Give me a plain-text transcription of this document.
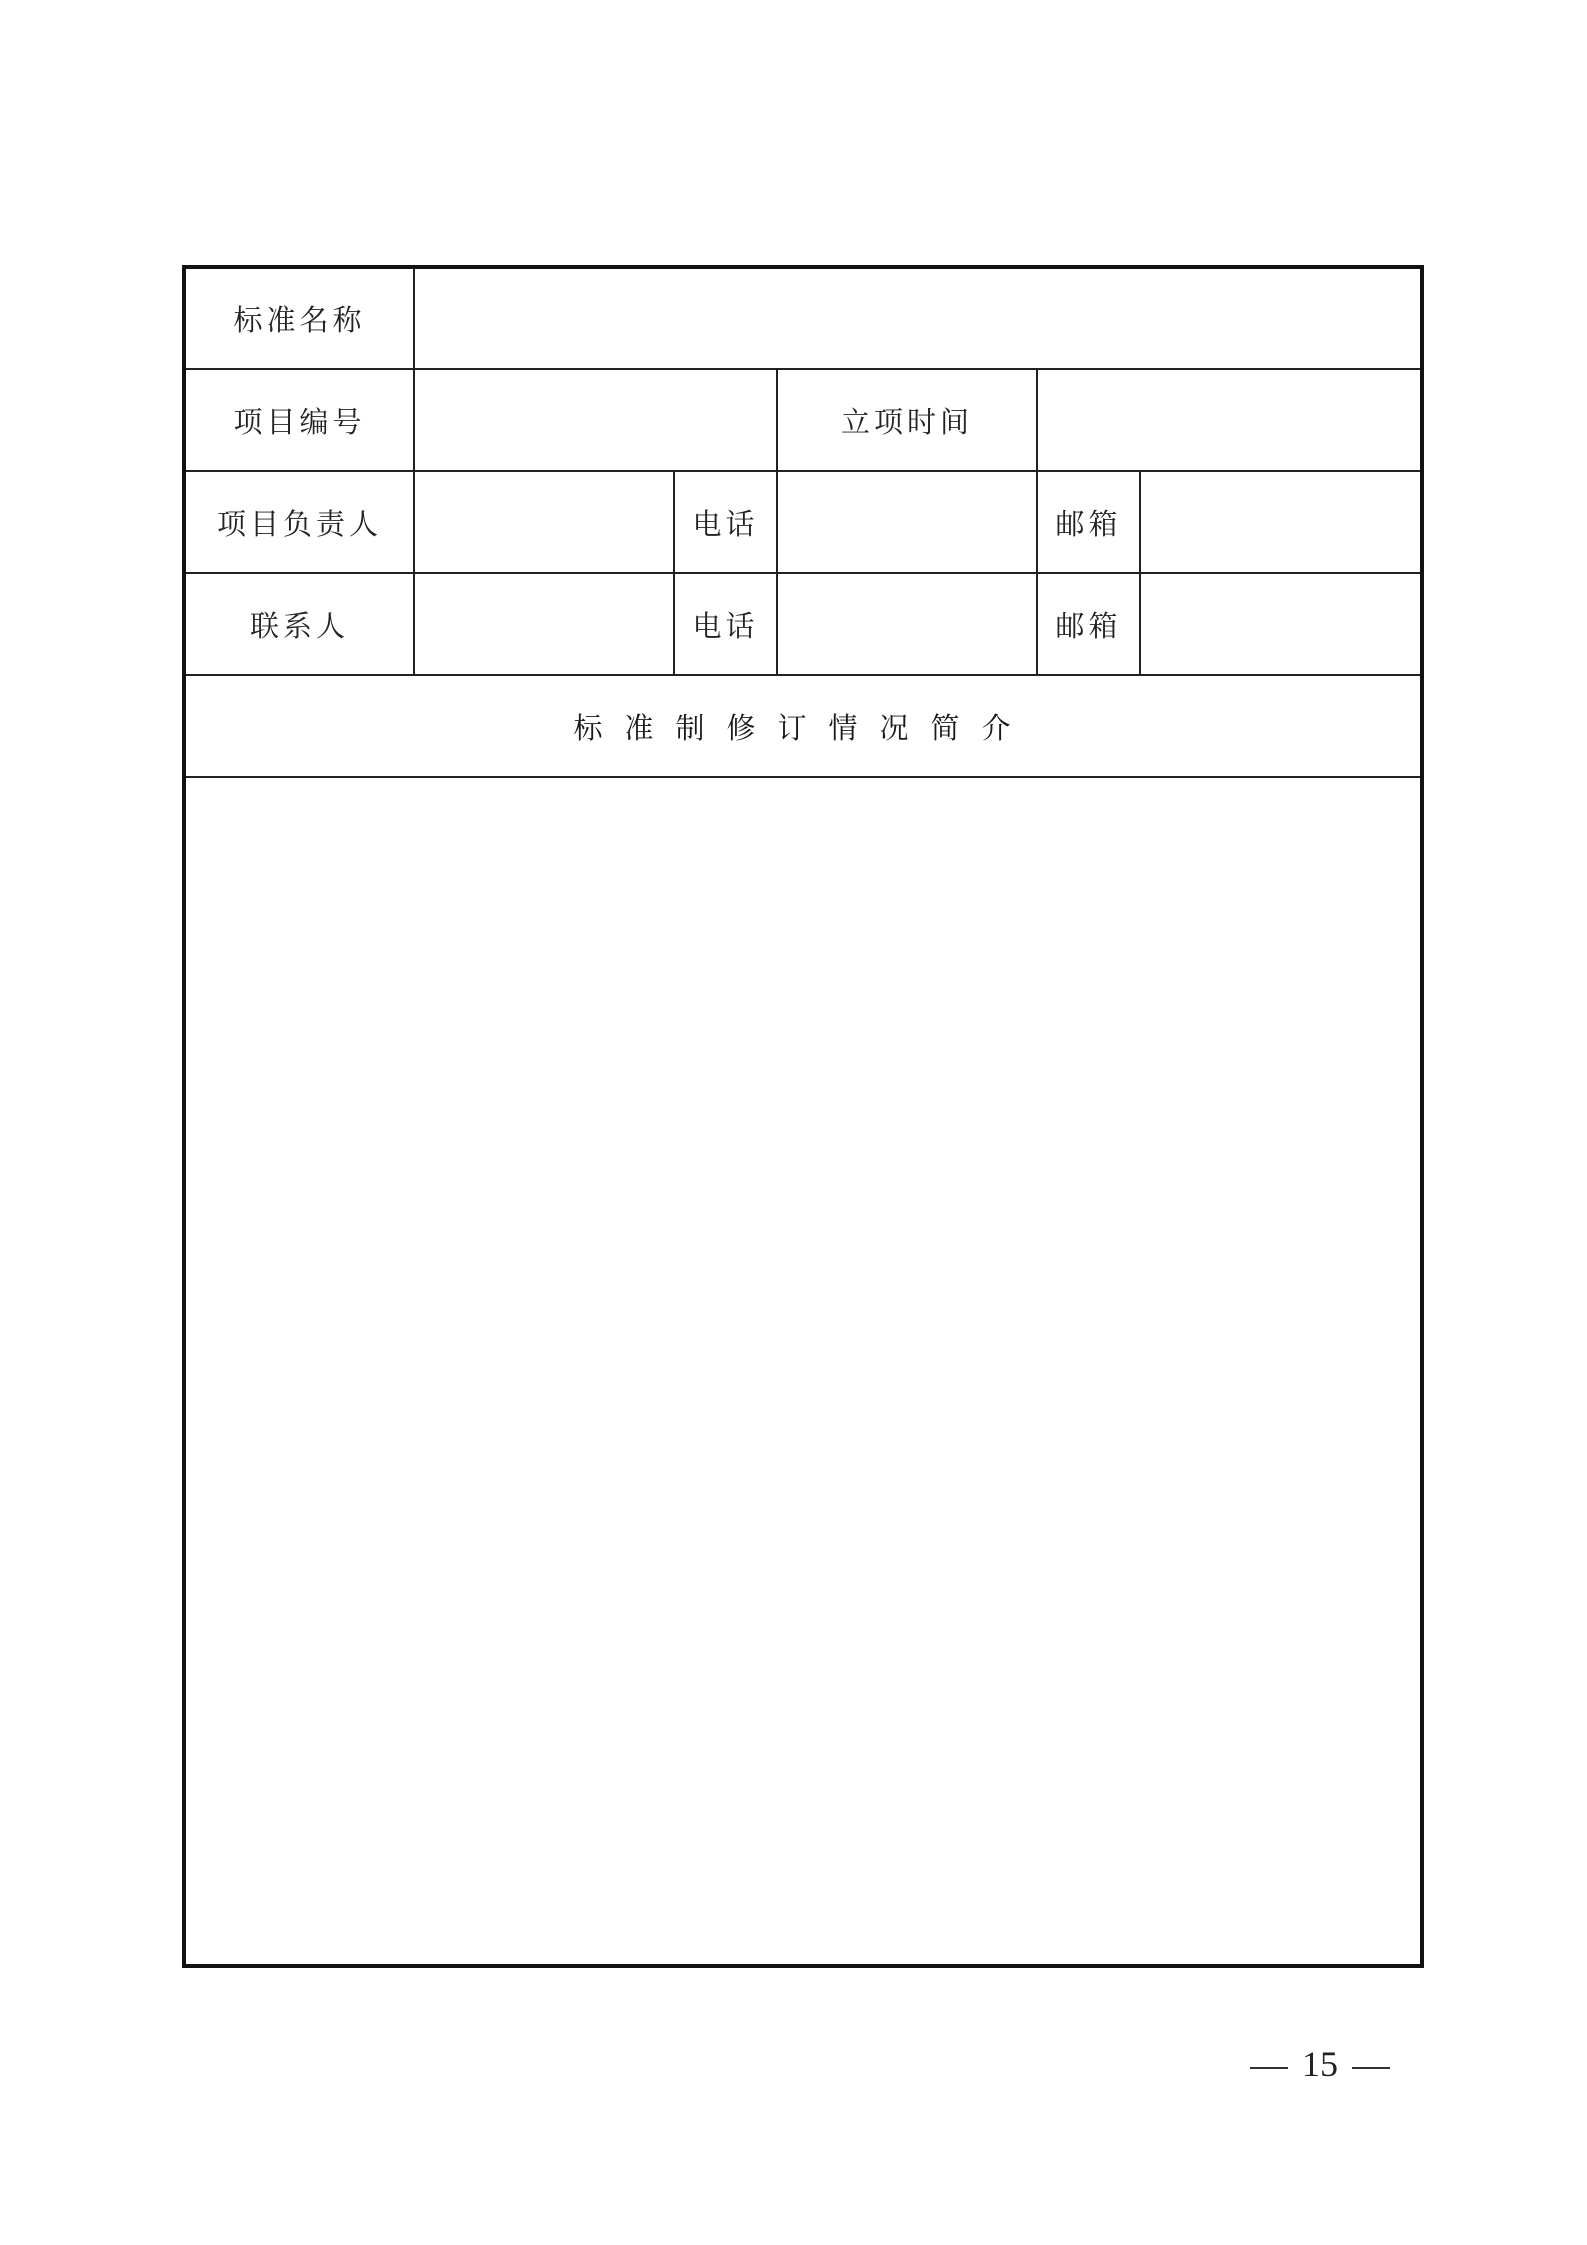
标准名称					
项目编号			立项时间		
项目负责人		电话		邮箱	
联系人		电话		邮箱	
标准制修订情况简介					

15
